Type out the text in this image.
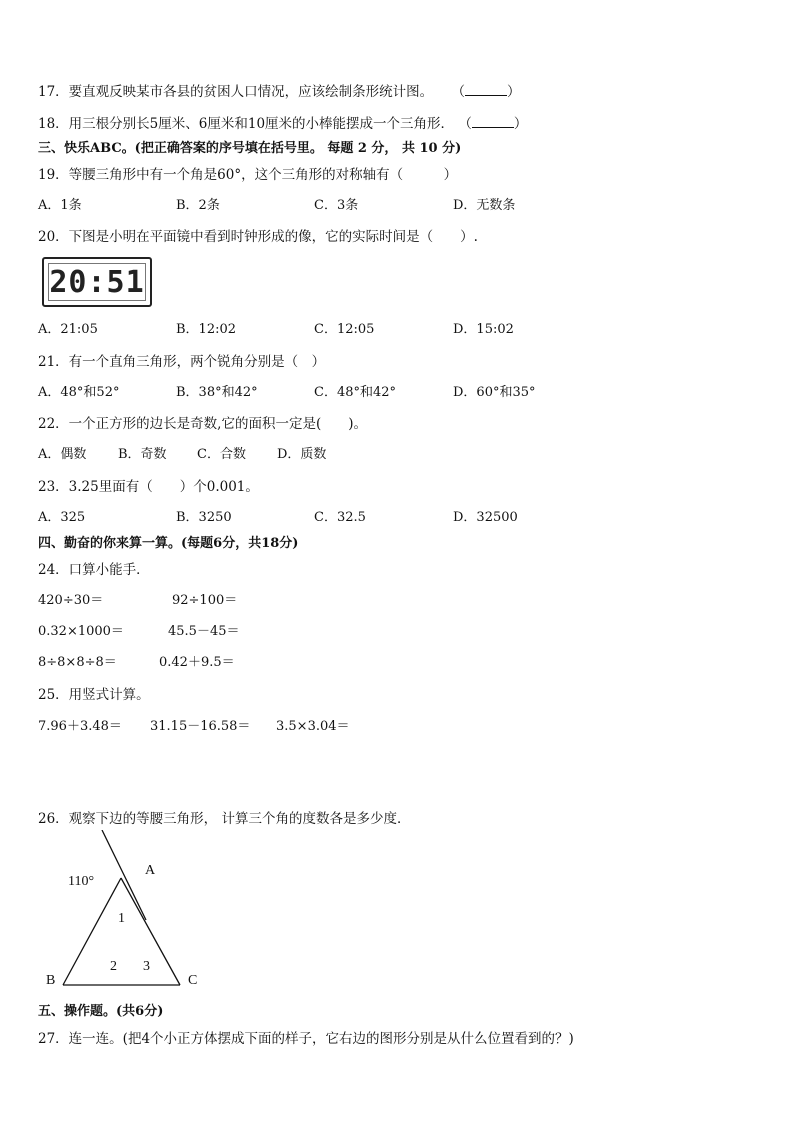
17．要直观反映某市各县的贫困人口情况，应该绘制条形统计图。 （	）
18．用三根分别长5厘米、6厘米和10厘米的小棒能摆成一个三角形． （	）
三、快乐ABC。(把正确答案的序号填在括号里。 每题 2 分， 共 10 分)
19．等腰三角形中有一个角是60°，这个三角形的对称轴有（　　　）
A．1条	B．2条	C．3条	D．无数条
20．下图是小明在平面镜中看到时钟形成的像，它的实际时间是（　　）.
20:51
A．21:05	B．12:02	C．12:05	D．15:02
21．有一个直角三角形，两个锐角分别是（　）
A．48°和52°	B．38°和42°	C．48°和42°	D．60°和35°
22．一个正方形的边长是奇数,它的面积一定是(　　)。
A．偶数 B．奇数 C．合数 D．质数
23．3.25里面有（　　）个0.001。
A．325	B．3250	C．32.5	D．32500
四、勤奋的你来算一算。(每题6分，共18分)
24．口算小能手．
420÷30＝	92÷100＝
0.32×1000＝	45.5－45＝
8÷8×8÷8＝	0.42＋9.5＝
25．用竖式计算。
7.96＋3.48＝ 31.15－16.58＝ 3.5×3.04＝
26．观察下边的等腰三角形， 计算三个角的度数各是多少度．
110°
A
B	C
1
2 3
五、操作题。(共6分)
27．连一连。(把4个小正方体摆成下面的样子，它右边的图形分别是从什么位置看到的？)
